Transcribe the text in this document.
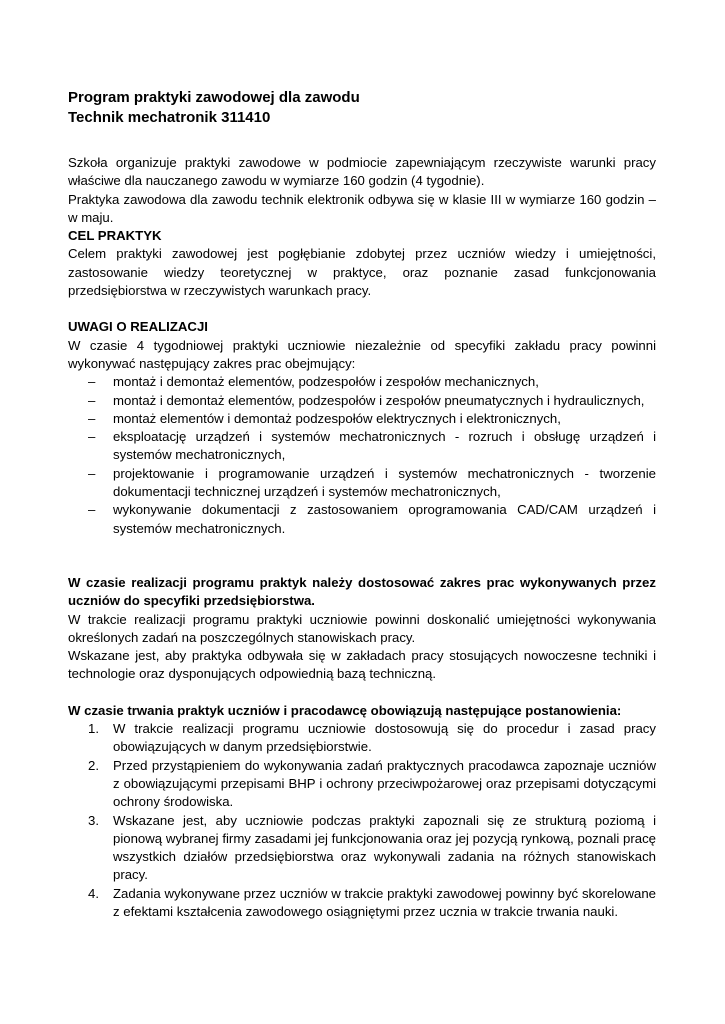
Program praktyki zawodowej dla zawodu

Technik mechatronik 311410

Szkoła organizuje praktyki zawodowe w podmiocie zapewniającym rzeczywiste warunki pracy właściwe dla nauczanego zawodu w wymiarze 160 godzin (4 tygodnie).

Praktyka zawodowa dla zawodu technik elektronik odbywa się w klasie III w wymiarze 160 godzin – w maju.

CEL PRAKTYK

Celem praktyki zawodowej jest pogłębianie zdobytej przez uczniów wiedzy i umiejętności, zastosowanie wiedzy teoretycznej w praktyce, oraz poznanie zasad funkcjonowania przedsiębiorstwa w rzeczywistych warunkach pracy.

UWAGI O REALIZACJI

W czasie 4 tygodniowej praktyki uczniowie niezależnie od specyfiki zakładu pracy powinni wykonywać następujący zakres prac obejmujący:

– montaż i demontaż elementów, podzespołów i zespołów mechanicznych,
– montaż i demontaż elementów, podzespołów i zespołów pneumatycznych i hydraulicznych,
– montaż elementów i demontaż podzespołów elektrycznych i elektronicznych,
– eksploatację urządzeń i systemów mechatronicznych - rozruch i obsługę urządzeń i systemów mechatronicznych,
– projektowanie i programowanie urządzeń i systemów mechatronicznych - tworzenie dokumentacji technicznej urządzeń i systemów mechatronicznych,
– wykonywanie dokumentacji z zastosowaniem oprogramowania CAD/CAM urządzeń i systemów mechatronicznych.

W czasie realizacji programu praktyk należy dostosować zakres prac wykonywanych przez uczniów do specyfiki przedsiębiorstwa.

W trakcie realizacji programu praktyki uczniowie powinni doskonalić umiejętności wykonywania określonych zadań na poszczególnych stanowiskach pracy.

Wskazane jest, aby praktyka odbywała się w zakładach pracy stosujących nowoczesne techniki i technologie oraz dysponujących odpowiednią bazą techniczną.

W czasie trwania praktyk uczniów i pracodawcę obowiązują następujące postanowienia:

1. W trakcie realizacji programu uczniowie dostosowują się do procedur i zasad pracy obowiązujących w danym przedsiębiorstwie.
2. Przed przystąpieniem do wykonywania zadań praktycznych pracodawca zapoznaje uczniów z obowiązującymi przepisami BHP i ochrony przeciwpożarowej oraz przepisami dotyczącymi ochrony środowiska.
3. Wskazane jest, aby uczniowie podczas praktyki zapoznali się ze strukturą poziomą i pionową wybranej firmy zasadami jej funkcjonowania oraz jej pozycją rynkową, poznali pracę wszystkich działów przedsiębiorstwa oraz wykonywali zadania na różnych stanowiskach pracy.
4. Zadania wykonywane przez uczniów w trakcie praktyki zawodowej powinny być skorelowane z efektami kształcenia zawodowego osiągniętymi przez ucznia w trakcie trwania nauki.
